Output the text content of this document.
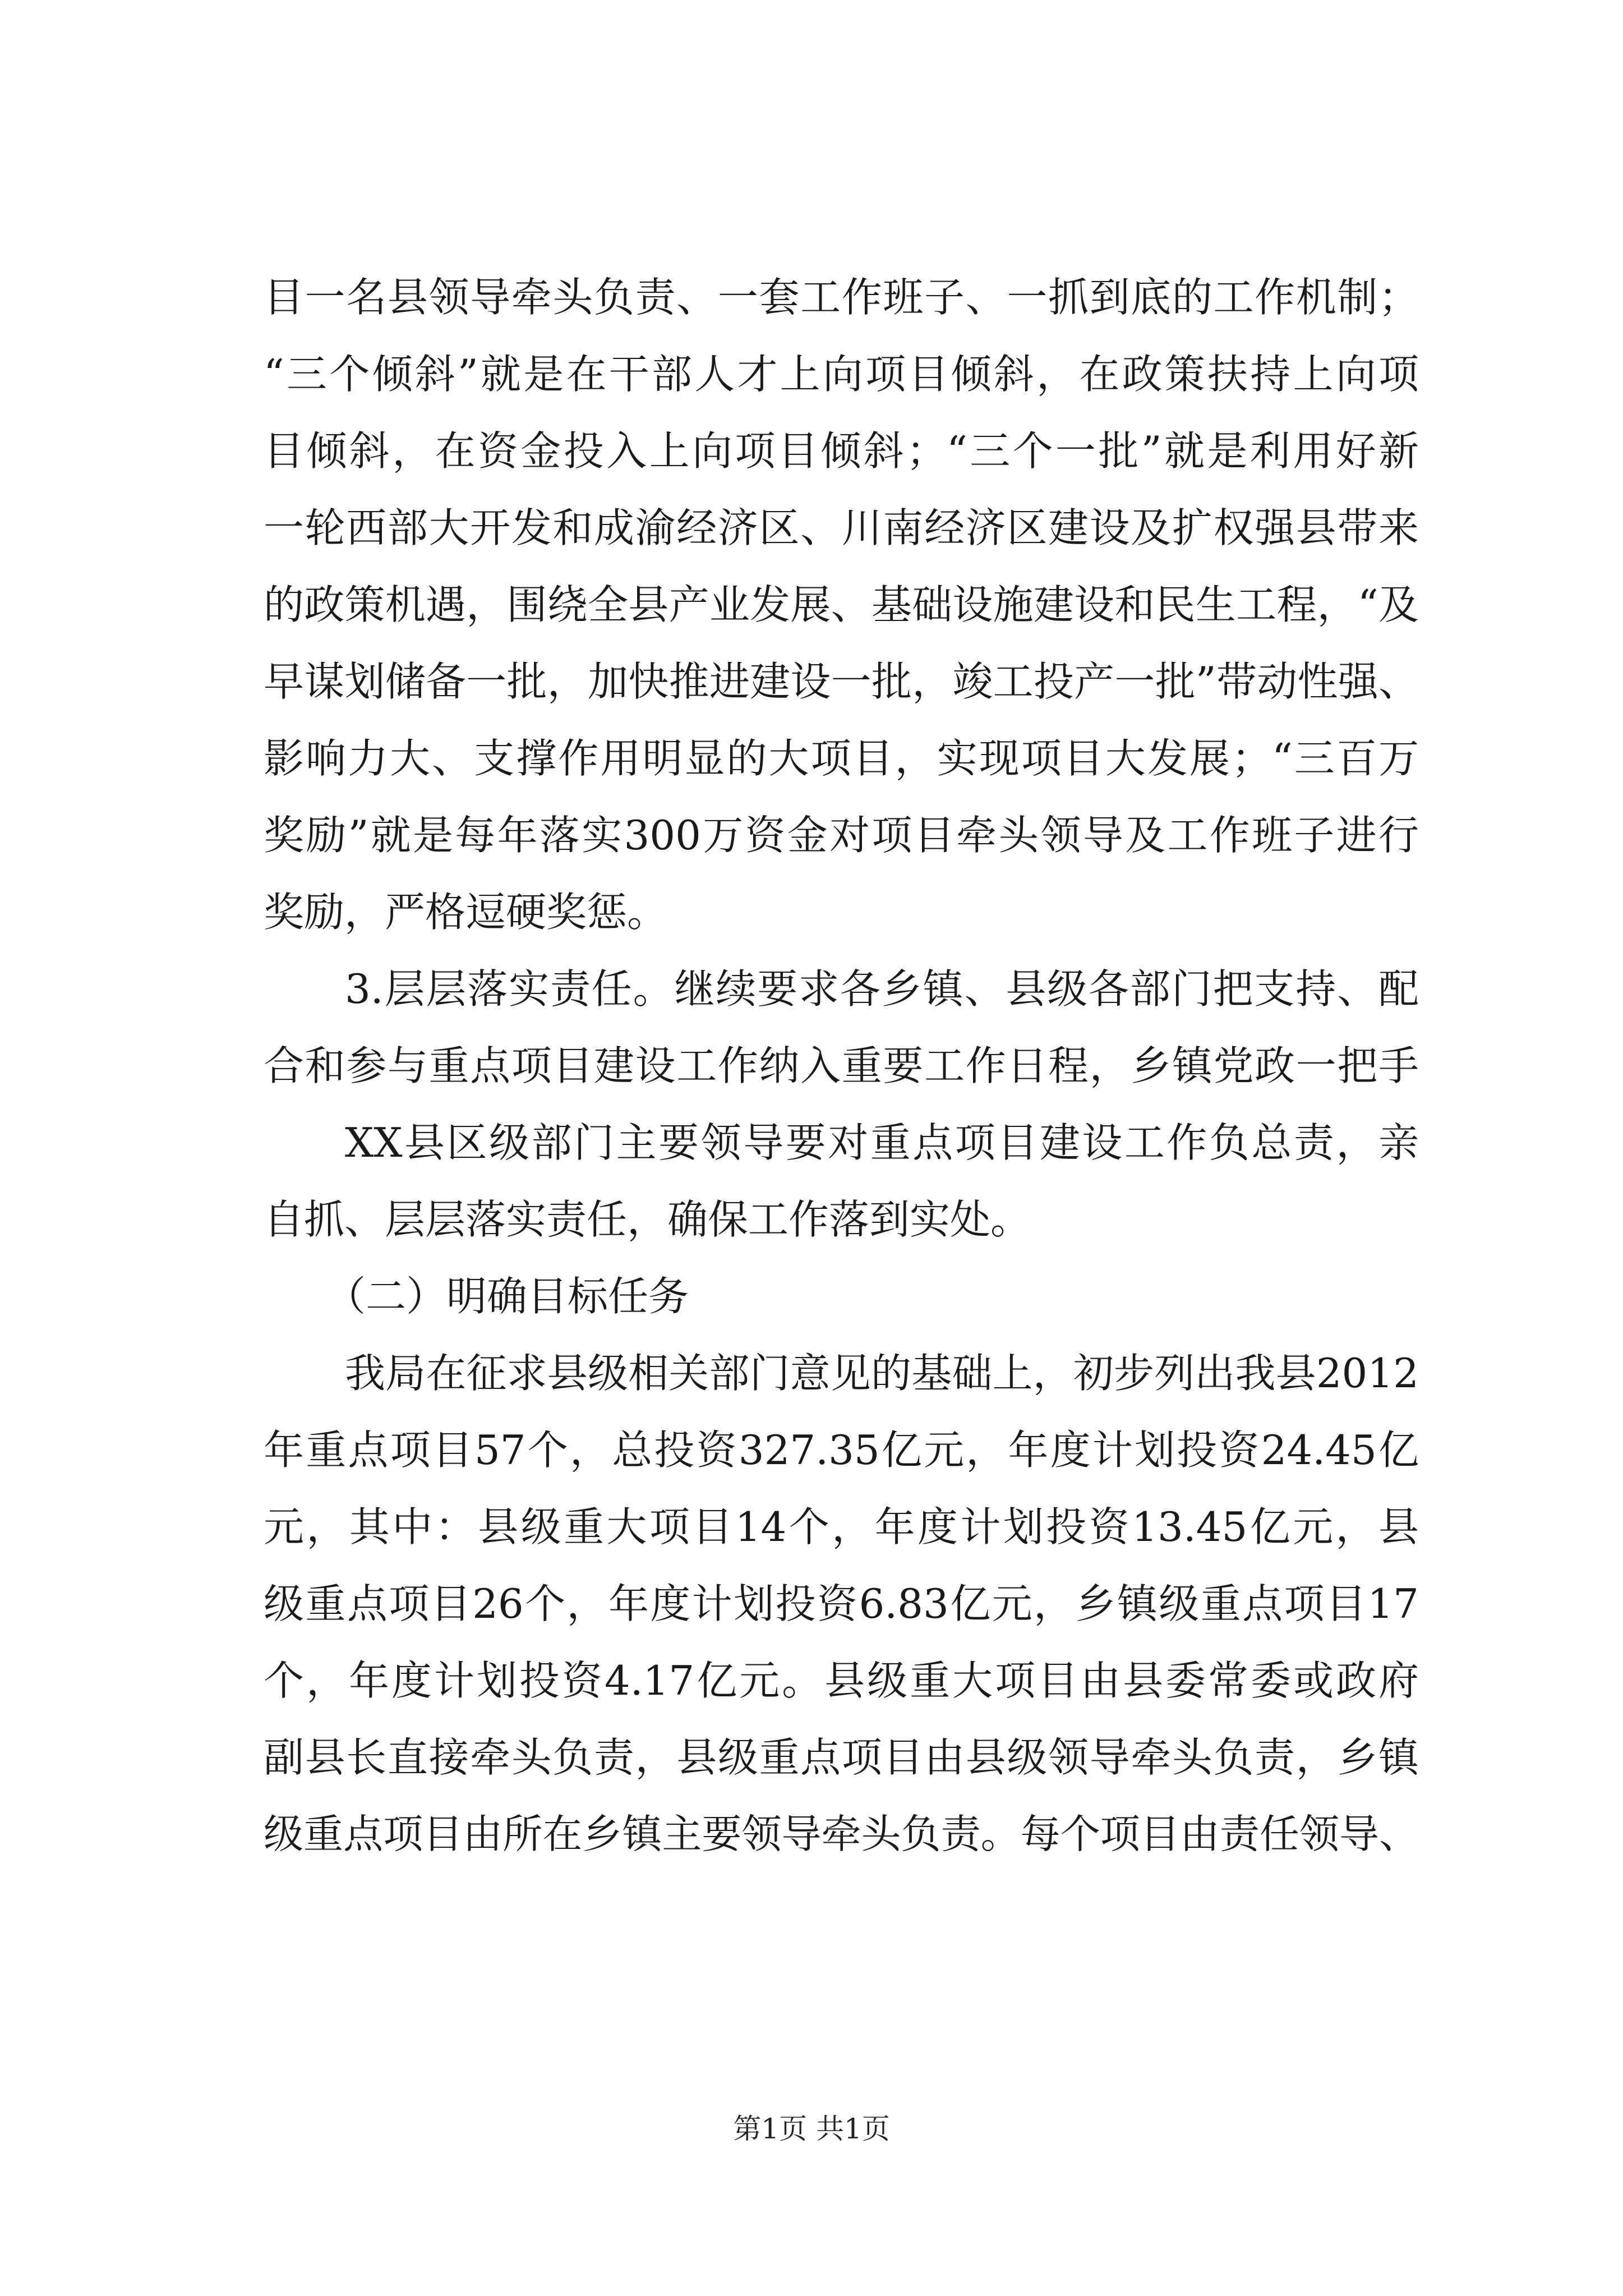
目一名县领导牵头负责、一套工作班子、一抓到底的工作机制；
“三个倾斜”就是在干部人才上向项目倾斜，在政策扶持上向项
目倾斜，在资金投入上向项目倾斜；“三个一批”就是利用好新
一轮西部大开发和成渝经济区、川南经济区建设及扩权强县带来
的政策机遇，围绕全县产业发展、基础设施建设和民生工程，“及
早谋划储备一批，加快推进建设一批，竣工投产一批”带动性强、
影响力大、支撑作用明显的大项目，实现项目大发展；“三百万
奖励”就是每年落实300万资金对项目牵头领导及工作班子进行
奖励，严格逗硬奖惩。
3.层层落实责任。继续要求各乡镇、县级各部门把支持、配
合和参与重点项目建设工作纳入重要工作日程，乡镇党政一把手
XX县区级部门主要领导要对重点项目建设工作负总责，亲
自抓、层层落实责任，确保工作落到实处。
（二）明确目标任务
我局在征求县级相关部门意见的基础上，初步列出我县2012
年重点项目57个，总投资327.35亿元，年度计划投资24.45亿
元，其中：县级重大项目14个，年度计划投资13.45亿元，县
级重点项目26个，年度计划投资6.83亿元，乡镇级重点项目17
个，年度计划投资4.17亿元。县级重大项目由县委常委或政府
副县长直接牵头负责，县级重点项目由县级领导牵头负责，乡镇
级重点项目由所在乡镇主要领导牵头负责。每个项目由责任领导、
第1页 共1页
